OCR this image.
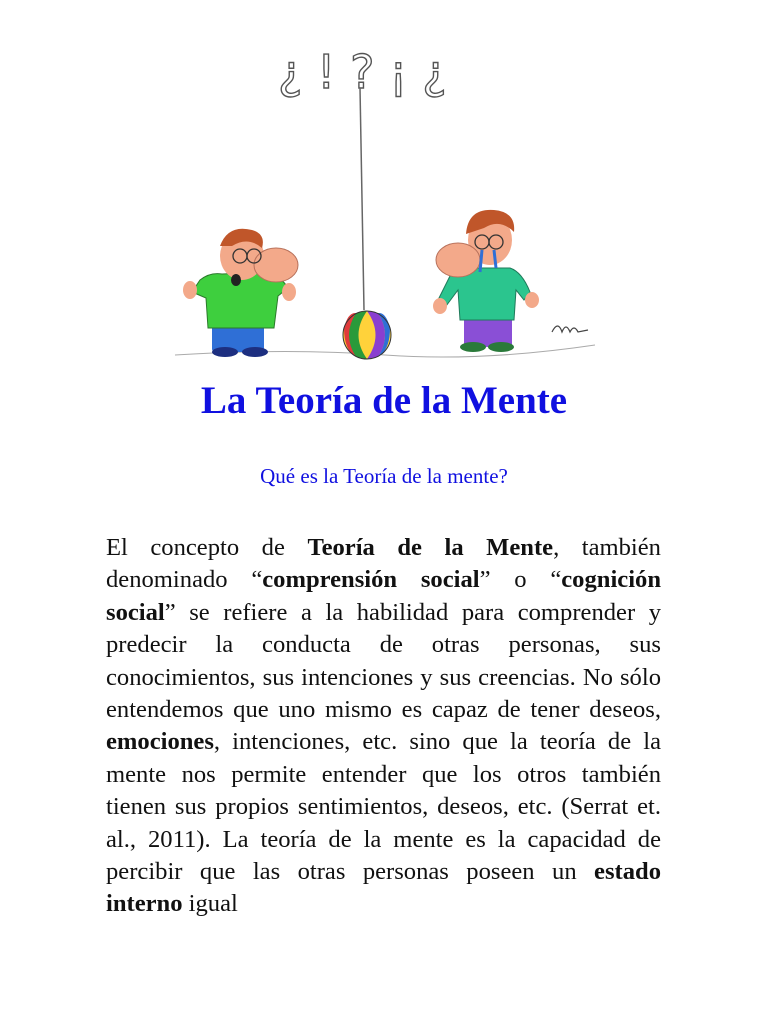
¿ ! ? ¡ ¿
La Teoría de la Mente

Qué es la Teoría de la mente?

El concepto de Teoría de la Mente, también denominado “comprensión social” o “cognición social” se refiere a la habilidad para comprender y predecir la conducta de otras personas, sus conocimientos, sus intenciones y sus creencias. No sólo entendemos que uno mismo es capaz de tener deseos, emociones, intenciones, etc. sino que la teoría de la mente nos permite entender que los otros también tienen sus propios sentimientos, deseos, etc. (Serrat et. al., 2011). La teoría de la mente es la capacidad de percibir que las otras personas poseen un estado interno igual
